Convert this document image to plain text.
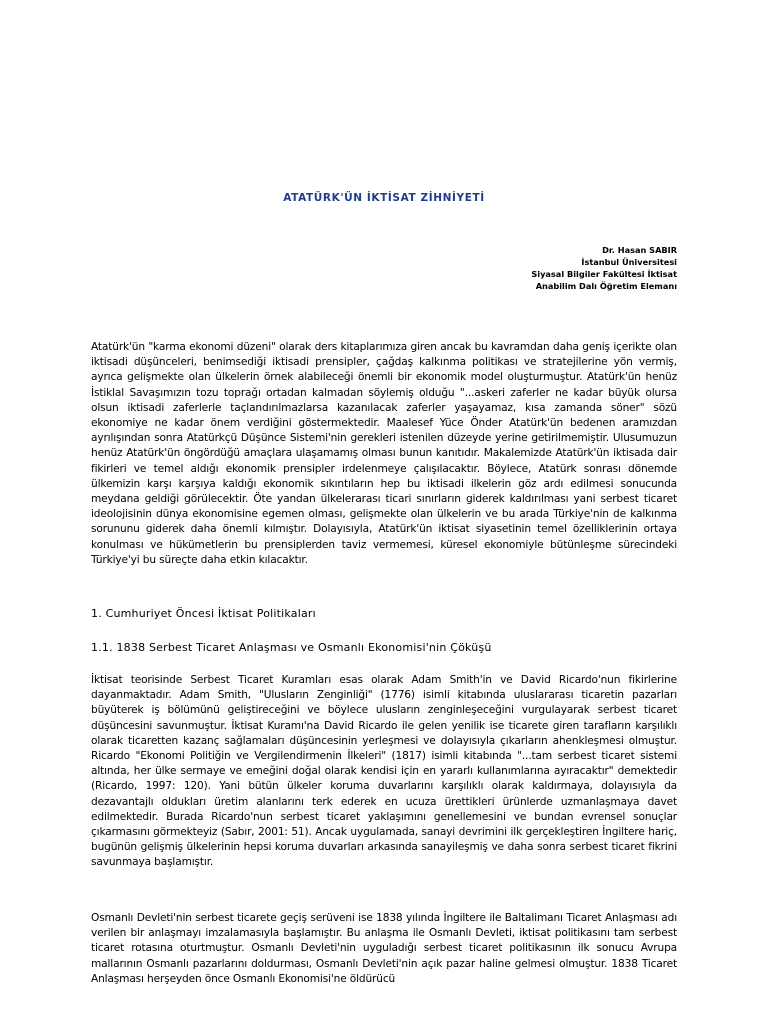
ATATÜRK'ÜN İKTİSAT ZİHNİYETİ
Dr. Hasan SABIR
İstanbul Üniversitesi
Siyasal Bilgiler Fakültesi İktisat
Anabilim Dalı Öğretim Elemanı

Atatürk'ün "karma ekonomi düzeni" olarak ders kitaplarımıza giren ancak bu kavramdan daha geniş içerikte olan iktisadi düşünceleri, benimsediği iktisadi prensipler, çağdaş kalkınma politikası ve stratejilerine yön vermiş, ayrıca gelişmekte olan ülkelerin örnek alabileceği önemli bir ekonomik model oluşturmuştur. Atatürk'ün henüz İstiklal Savaşımızın tozu toprağı ortadan kalmadan söylemiş olduğu "...askeri zaferler ne kadar büyük olursa olsun iktisadi zaferlerle taçlandırılmazlarsa kazanılacak zaferler yaşayamaz, kısa zamanda söner" sözü ekonomiye ne kadar önem verdiğini göstermektedir. Maalesef Yüce Önder Atatürk'ün bedenen aramızdan ayrılışından sonra Atatürkçü Düşünce Sistemi'nin gerekleri istenilen düzeyde yerine getirilmemiştir. Ulusumuzun henüz Atatürk'ün öngördüğü amaçlara ulaşamamış olması bunun kanıtıdır. Makalemizde Atatürk'ün iktisada dair fikirleri ve temel aldığı ekonomik prensipler irdelenmeye çalışılacaktır. Böylece, Atatürk sonrası dönemde ülkemizin karşı karşıya kaldığı ekonomik sıkıntıların hep bu iktisadi ilkelerin göz ardı edilmesi sonucunda meydana geldiği görülecektir. Öte yandan ülkelerarası ticari sınırların giderek kaldırılması yani serbest ticaret ideolojisinin dünya ekonomisine egemen olması, gelişmekte olan ülkelerin ve bu arada Türkiye'nin de kalkınma sorununu giderek daha önemli kılmıştır. Dolayısıyla, Atatürk'ün iktisat siyasetinin temel özelliklerinin ortaya konulması ve hükümetlerin bu prensiplerden taviz vermemesi, küresel ekonomiyle bütünleşme sürecindeki Türkiye'yi bu süreçte daha etkin kılacaktır.

1. Cumhuriyet Öncesi İktisat Politikaları
1.1. 1838 Serbest Ticaret Anlaşması ve Osmanlı Ekonomisi'nin Çöküşü

İktisat teorisinde Serbest Ticaret Kuramları esas olarak Adam Smith'in ve David Ricardo'nun fikirlerine dayanmaktadır. Adam Smith, "Ulusların Zenginliği" (1776) isimli kitabında uluslararası ticaretin pazarları büyüterek iş bölümünü geliştireceğini ve böylece ulusların zenginleşeceğini vurgulayarak serbest ticaret düşüncesini savunmuştur. İktisat Kuramı'na David Ricardo ile gelen yenilik ise ticarete giren tarafların karşılıklı olarak ticaretten kazanç sağlamaları düşüncesinin yerleşmesi ve dolayısıyla çıkarların ahenkleşmesi olmuştur. Ricardo "Ekonomi Politiğin ve Vergilendirmenin İlkeleri" (1817) isimli kitabında "...tam serbest ticaret sistemi altında, her ülke sermaye ve emeğini doğal olarak kendisi için en yararlı kullanımlarına ayıracaktır" demektedir (Ricardo, 1997: 120). Yani bütün ülkeler koruma duvarlarını karşılıklı olarak kaldırmaya, dolayısıyla da dezavantajlı oldukları üretim alanlarını terk ederek en ucuza ürettikleri ürünlerde uzmanlaşmaya davet edilmektedir. Burada Ricardo'nun serbest ticaret yaklaşımını genellemesini ve bundan evrensel sonuçlar çıkarmasını görmekteyiz (Sabır, 2001: 51). Ancak uygulamada, sanayi devrimini ilk gerçekleştiren İngiltere hariç, bugünün gelişmiş ülkelerinin hepsi koruma duvarları arkasında sanayileşmiş ve daha sonra serbest ticaret fikrini savunmaya başlamıştır.

Osmanlı Devleti'nin serbest ticarete geçiş serüveni ise 1838 yılında İngiltere ile Baltalimanı Ticaret Anlaşması adı verilen bir anlaşmayı imzalamasıyla başlamıştır. Bu anlaşma ile Osmanlı Devleti, iktisat politikasını tam serbest ticaret rotasına oturtmuştur. Osmanlı Devleti'nin uyguladığı serbest ticaret politikasının ilk sonucu Avrupa mallarının Osmanlı pazarlarını doldurması, Osmanlı Devleti'nin açık pazar haline gelmesi olmuştur. 1838 Ticaret Anlaşması herşeyden önce Osmanlı Ekonomisi'ne öldürücü
